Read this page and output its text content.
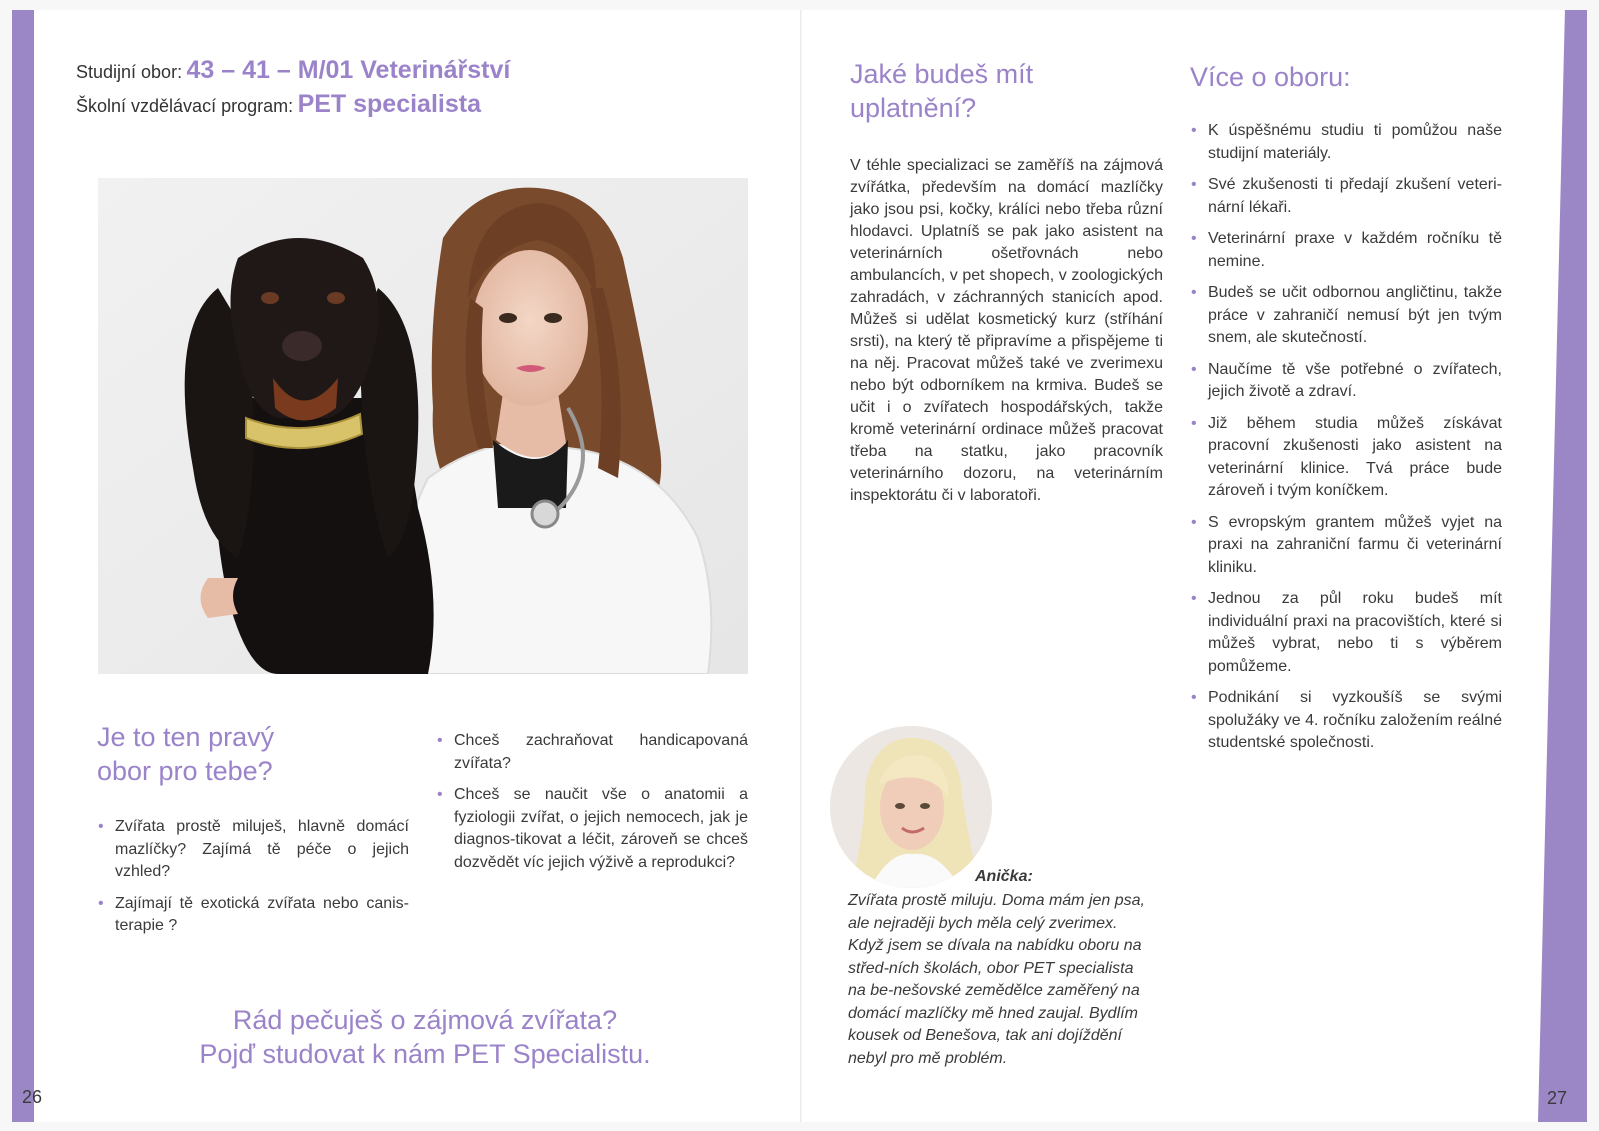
Studijní obor: 43 – 41 – M/01 Veterinářství
Školní vzdělávací program: PET specialista
Je to ten pravý
obor pro tebe?
• Zvířata prostě miluješ, hlavně domácí mazlíčky? Zajímá tě péče o jejich vzhled?
• Zajímají tě exotická zvířata nebo canis-terapie ?
• Chceš zachraňovat handicapovaná zvířata?
• Chceš se naučit vše o anatomii a fyziologii zvířat, o jejich nemocech, jak je diagnos-tikovat a léčit, zároveň se chceš dozvědět víc jejich výživě a reprodukci?
Rád pečuješ o zájmová zvířata?
Pojď studovat k nám PET Specialistu.
26
Jaké budeš mít
uplatnění?
V téhle specializaci se zaměříš na zájmová zvířátka, především na domácí mazlíčky jako jsou psi, kočky, králíci nebo třeba různí hlodavci. Uplatníš se pak jako asistent na veterinárních ošetřovnách nebo ambulancích, v pet shopech, v zoologických zahradách, v záchranných stanicích apod. Můžeš si udělat kosmetický kurz (stříhání srsti), na který tě připravíme a přispějeme ti na něj. Pracovat můžeš také ve zverimexu nebo být odborníkem na krmiva. Budeš se učit i o zvířatech hospodářských, takže kromě veterinární ordinace můžeš pracovat třeba na statku, jako pracovník veterinárního dozoru, na veterinárním inspektorátu či v laboratoři.
Více o oboru:
• K úspěšnému studiu ti pomůžou naše studijní materiály.
• Své zkušenosti ti předají zkušení veteri-nární lékaři.
• Veterinární praxe v každém ročníku tě nemine.
• Budeš se učit odbornou angličtinu, takže práce v zahraničí nemusí být jen tvým snem, ale skutečností.
• Naučíme tě vše potřebné o zvířatech, jejich životě a zdraví.
• Již během studia můžeš získávat pracovní zkušenosti jako asistent na veterinární klinice. Tvá práce bude zároveň i tvým koníčkem.
• S evropským grantem můžeš vyjet na praxi na zahraniční farmu či veterinární kliniku.
• Jednou za půl roku budeš mít individuální praxi na pracovištích, které si můžeš vybrat, nebo ti s výběrem pomůžeme.
• Podnikání si vyzkoušíš se svými spolužáky ve 4. ročníku založením reálné studentské společnosti.
Anička:
Zvířata prostě miluju. Doma mám jen psa, ale nejraději bych měla celý zverimex. Když jsem se dívala na nabídku oboru na střed-ních školách, obor PET specialista na be-nešovské zemědělce zaměřený na domácí mazlíčky mě hned zaujal. Bydlím kousek od Benešova, tak ani dojíždění nebyl pro mě problém.
27
